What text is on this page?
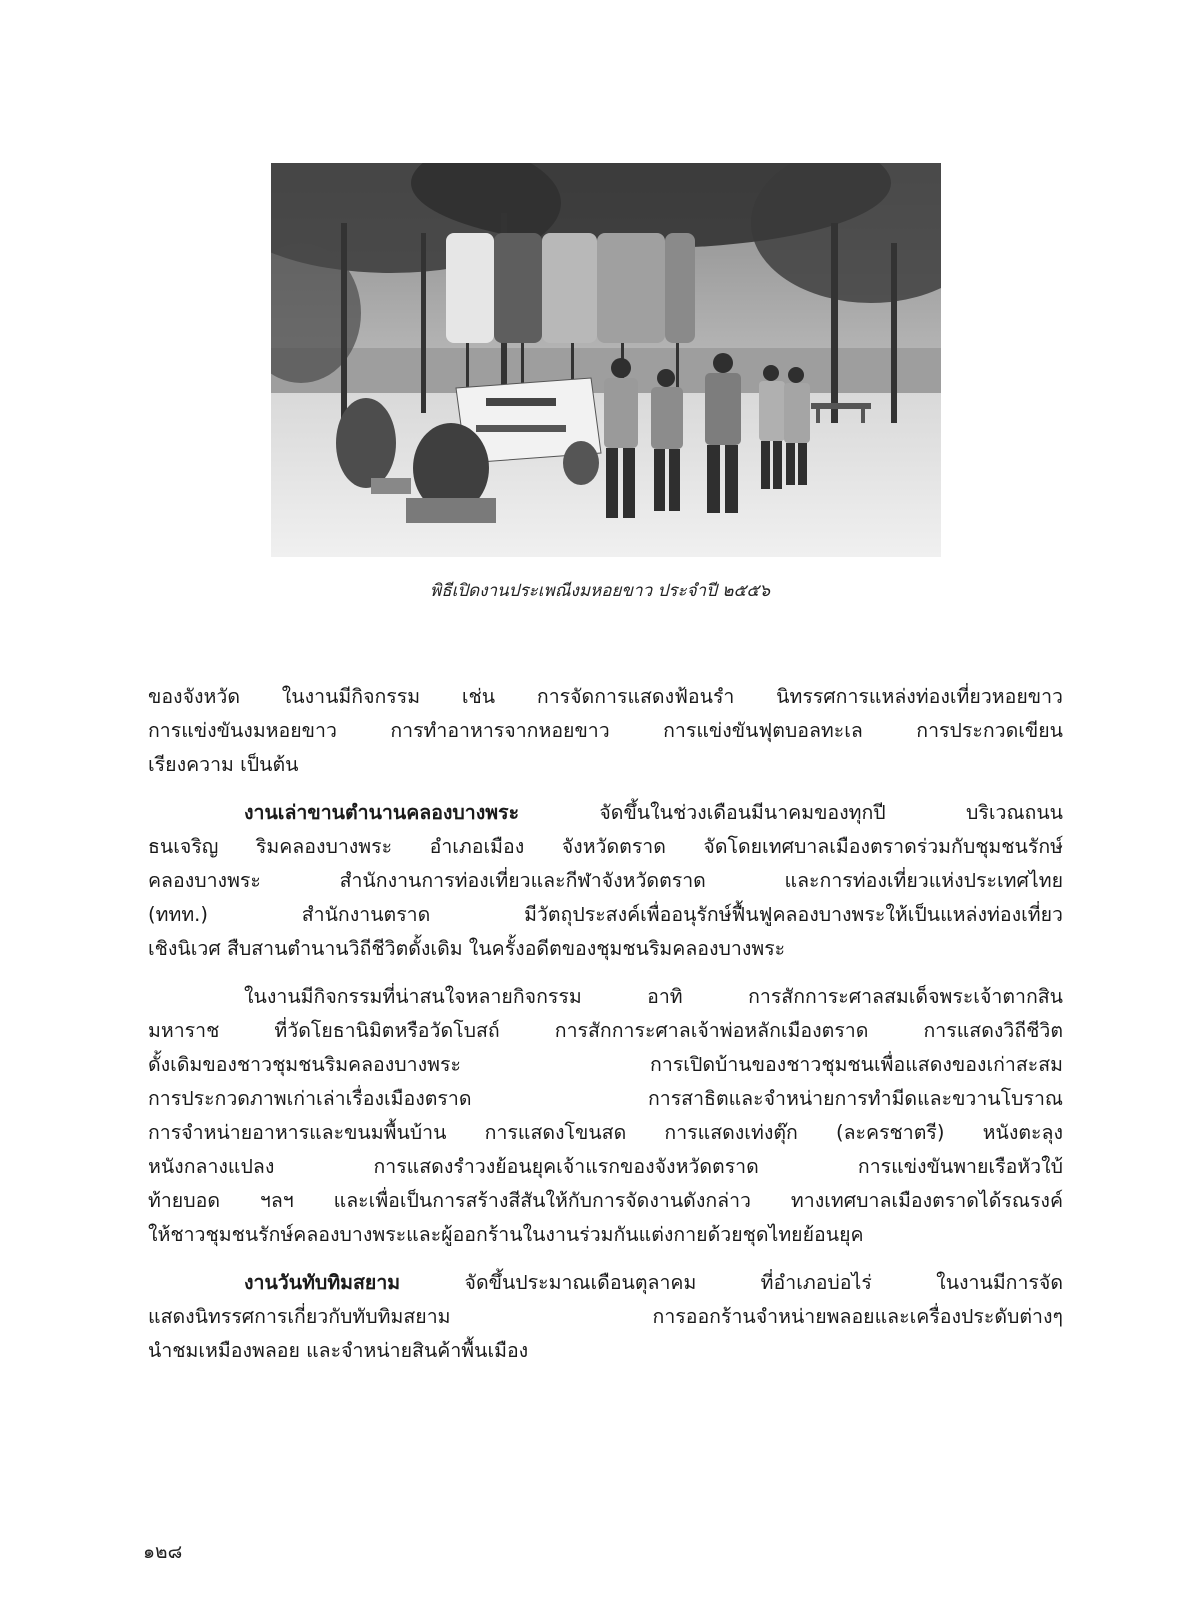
พิธีเปิดงานประเพณีงมหอยขาว ประจำปี ๒๕๕๖

ของจังหวัด ในงานมีกิจกรรม เช่น การจัดการแสดงฟ้อนรำ นิทรรศการแหล่งท่องเที่ยวหอยขาว
การแข่งขันงมหอยขาว การทำอาหารจากหอยขาว การแข่งขันฟุตบอลทะเล การประกวดเขียน
เรียงความ เป็นต้น

งานเล่าขานตำนานคลองบางพระ จัดขึ้นในช่วงเดือนมีนาคมของทุกปี บริเวณถนน
ธนเจริญ ริมคลองบางพระ อำเภอเมือง จังหวัดตราด จัดโดยเทศบาลเมืองตราดร่วมกับชุมชนรักษ์
คลองบางพระ สำนักงานการท่องเที่ยวและกีฬาจังหวัดตราด และการท่องเที่ยวแห่งประเทศไทย
(ททท.) สำนักงานตราด มีวัตถุประสงค์เพื่ออนุรักษ์ฟื้นฟูคลองบางพระให้เป็นแหล่งท่องเที่ยว
เชิงนิเวศ สืบสานตำนานวิถีชีวิตดั้งเดิม ในครั้งอดีตของชุมชนริมคลองบางพระ

ในงานมีกิจกรรมที่น่าสนใจหลายกิจกรรม อาทิ การสักการะศาลสมเด็จพระเจ้าตากสิน
มหาราช ที่วัดโยธานิมิตหรือวัดโบสถ์ การสักการะศาลเจ้าพ่อหลักเมืองตราด การแสดงวิถีชีวิต
ดั้งเดิมของชาวชุมชนริมคลองบางพระ การเปิดบ้านของชาวชุมชนเพื่อแสดงของเก่าสะสม
การประกวดภาพเก่าเล่าเรื่องเมืองตราด การสาธิตและจำหน่ายการทำมีดและขวานโบราณ
การจำหน่ายอาหารและขนมพื้นบ้าน การแสดงโขนสด การแสดงเท่งตุ๊ก (ละครชาตรี) หนังตะลุง
หนังกลางแปลง การแสดงรำวงย้อนยุคเจ้าแรกของจังหวัดตราด การแข่งขันพายเรือหัวใบ้
ท้ายบอด ฯลฯ และเพื่อเป็นการสร้างสีสันให้กับการจัดงานดังกล่าว ทางเทศบาลเมืองตราดได้รณรงค์
ให้ชาวชุมชนรักษ์คลองบางพระและผู้ออกร้านในงานร่วมกันแต่งกายด้วยชุดไทยย้อนยุค

งานวันทับทิมสยาม จัดขึ้นประมาณเดือนตุลาคม ที่อำเภอบ่อไร่ ในงานมีการจัด
แสดงนิทรรศการเกี่ยวกับทับทิมสยาม การออกร้านจำหน่ายพลอยและเครื่องประดับต่างๆ
นำชมเหมืองพลอย และจำหน่ายสินค้าพื้นเมือง

๑๒๘
